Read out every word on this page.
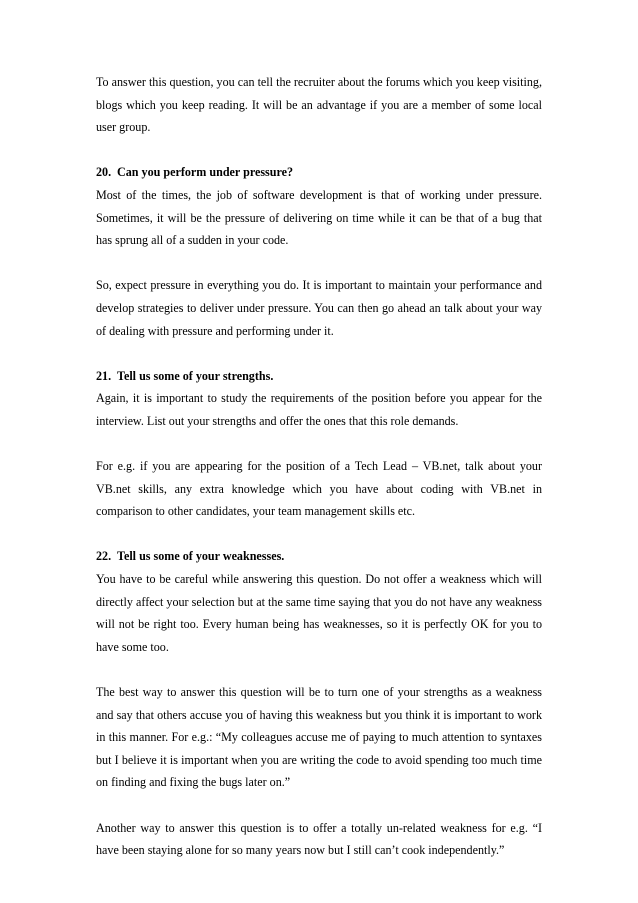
To answer this question, you can tell the recruiter about the forums which you keep visiting, blogs which you keep reading. It will be an advantage if you are a member of some local user group.

20. Can you perform under pressure?

Most of the times, the job of software development is that of working under pressure. Sometimes, it will be the pressure of delivering on time while it can be that of a bug that has sprung all of a sudden in your code.

So, expect pressure in everything you do. It is important to maintain your performance and develop strategies to deliver under pressure. You can then go ahead an talk about your way of dealing with pressure and performing under it.

21. Tell us some of your strengths.

Again, it is important to study the requirements of the position before you appear for the interview. List out your strengths and offer the ones that this role demands.

For e.g. if you are appearing for the position of a Tech Lead – VB.net, talk about your VB.net skills, any extra knowledge which you have about coding with VB.net in comparison to other candidates, your team management skills etc.

22. Tell us some of your weaknesses.

You have to be careful while answering this question. Do not offer a weakness which will directly affect your selection but at the same time saying that you do not have any weakness will not be right too. Every human being has weaknesses, so it is perfectly OK for you to have some too.

The best way to answer this question will be to turn one of your strengths as a weakness and say that others accuse you of having this weakness but you think it is important to work in this manner. For e.g.: “My colleagues accuse me of paying to much attention to syntaxes but I believe it is important when you are writing the code to avoid spending too much time on finding and fixing the bugs later on.”

Another way to answer this question is to offer a totally un-related weakness for e.g. “I have been staying alone for so many years now but I still can’t cook independently.”
